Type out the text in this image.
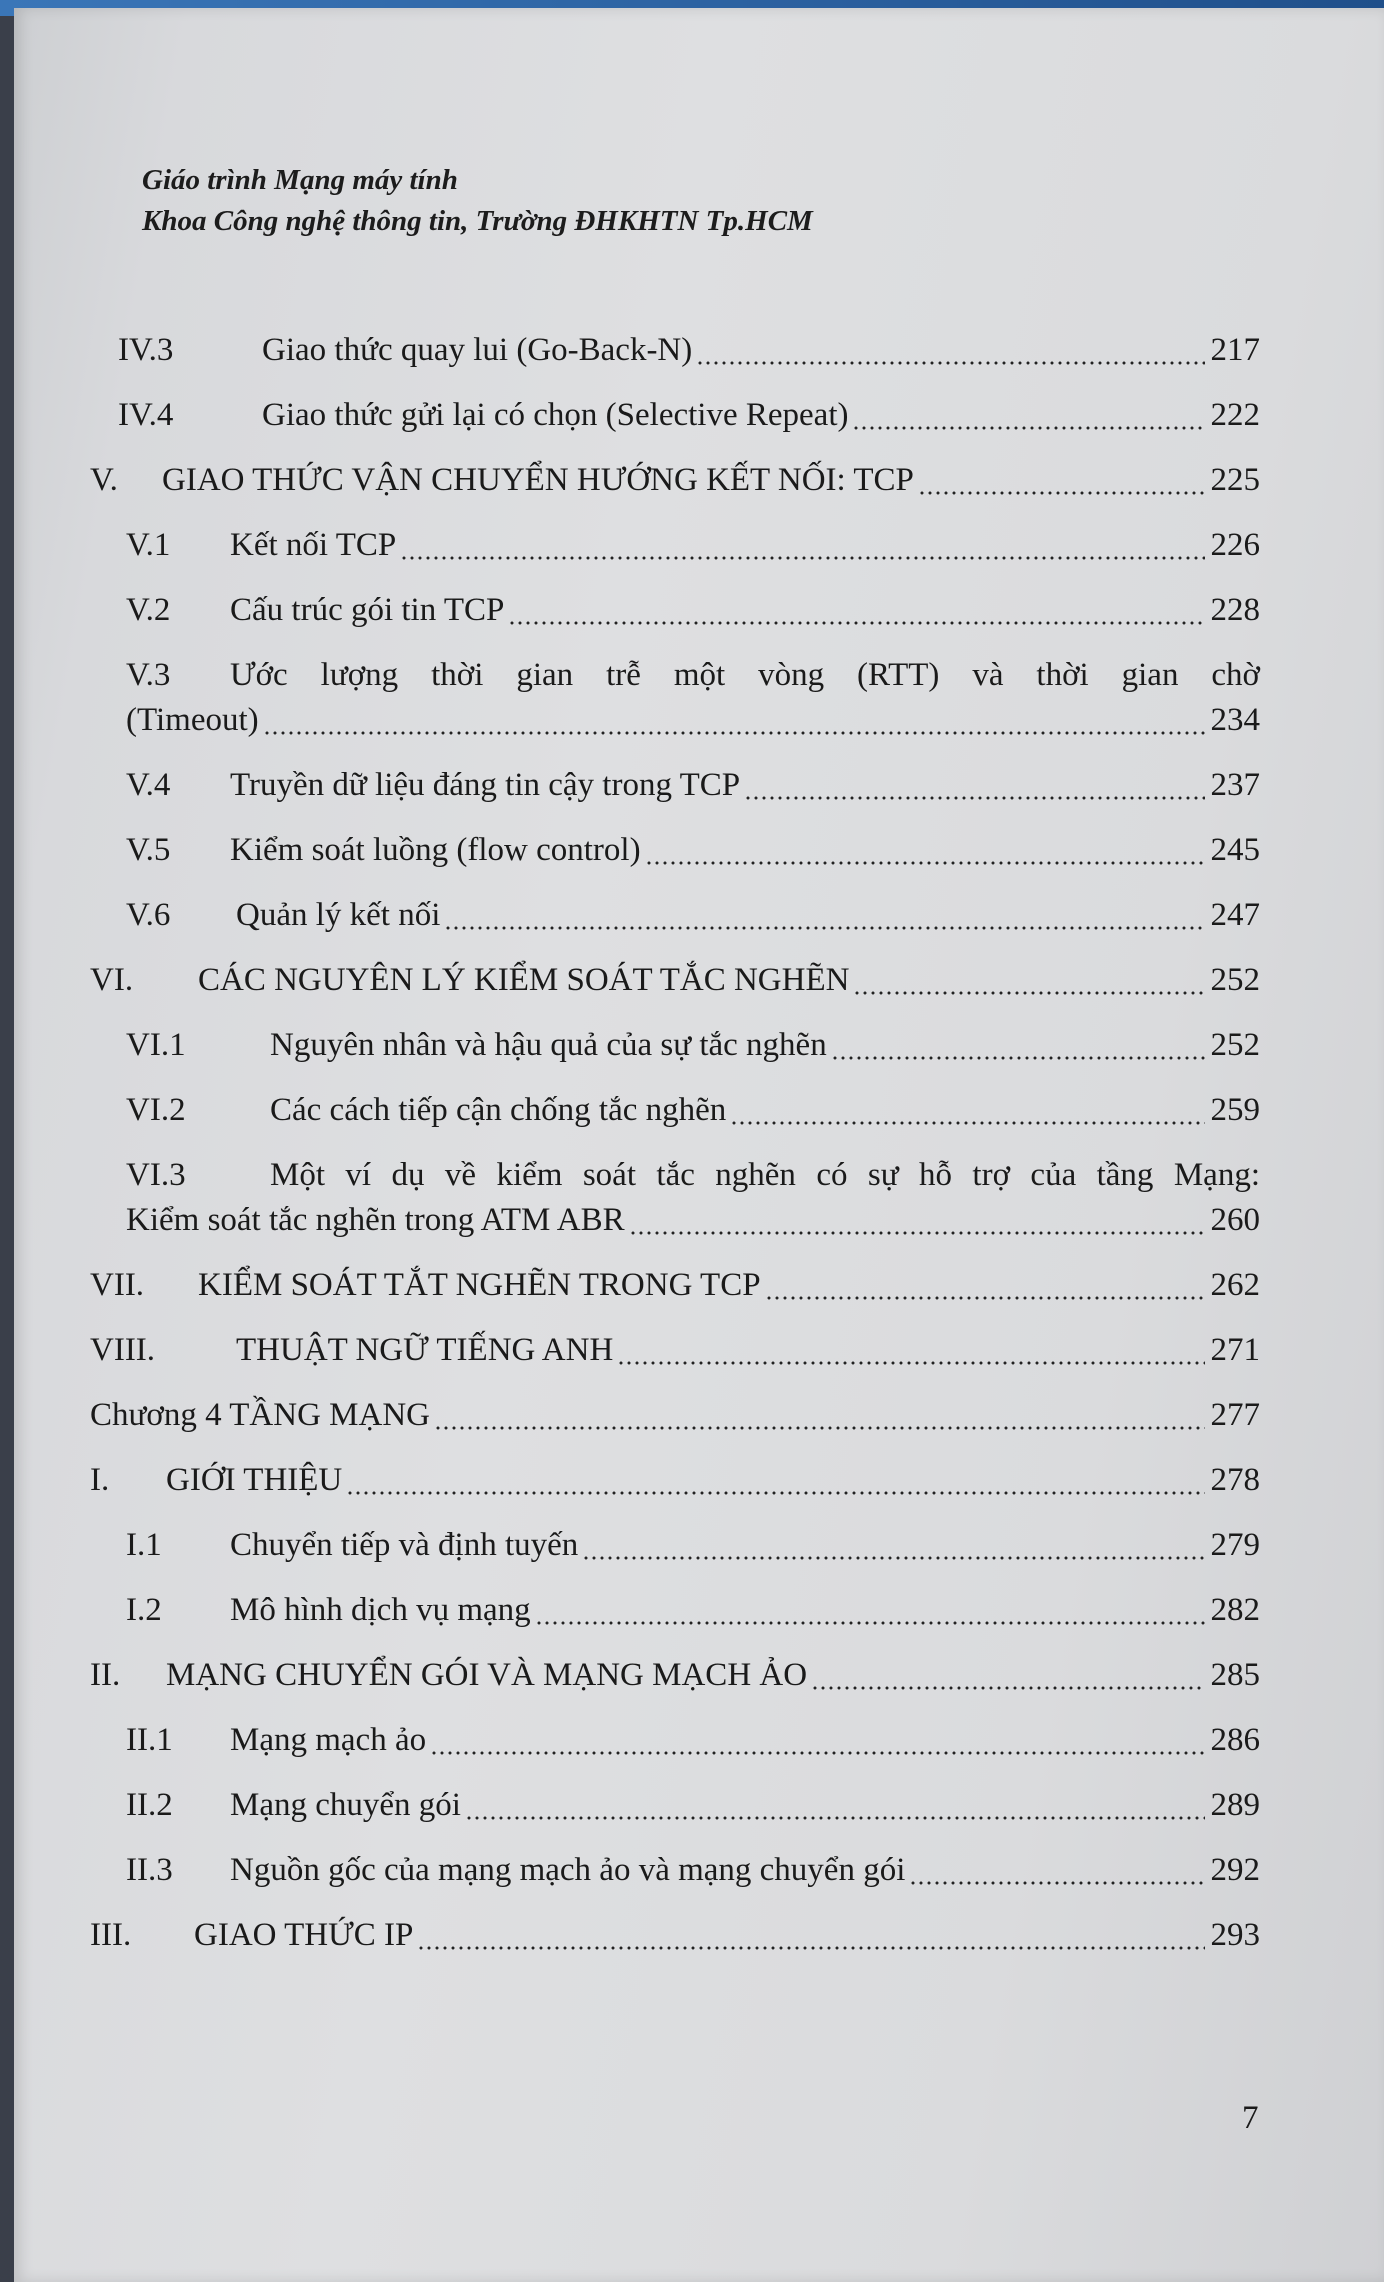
Giáo trình Mạng máy tính
Khoa Công nghệ thông tin, Trường ĐHKHTN Tp.HCM
IV.3	Giao thức quay lui (Go-Back-N)	217
IV.4	Giao thức gửi lại có chọn (Selective Repeat)	222
V. GIAO THỨC VẬN CHUYỂN HƯỚNG KẾT NỐI: TCP	225
V.1 Kết nối TCP	226
V.2 Cấu trúc gói tin TCP	228
V.3 Ước lượng thời gian trễ một vòng (RTT) và thời gian chờ
(Timeout)	234
V.4 Truyền dữ liệu đáng tin cậy trong TCP	237
V.5 Kiểm soát luồng (flow control)	245
V.6 Quản lý kết nối	247
VI. CÁC NGUYÊN LÝ KIỂM SOÁT TẮC NGHẼN	252
VI.1	Nguyên nhân và hậu quả của sự tắc nghẽn	252
VI.2	Các cách tiếp cận chống tắc nghẽn	259
VI.3	Một ví dụ về kiểm soát tắc nghẽn có sự hỗ trợ của tầng Mạng:
Kiểm soát tắc nghẽn trong ATM ABR	260
VII. KIỂM SOÁT TẮT NGHẼN TRONG TCP	262
VIII. THUẬT NGỮ TIẾNG ANH	271
Chương 4 TẦNG MẠNG	277
I. GIỚI THIỆU	278
I.1 Chuyển tiếp và định tuyến	279
I.2 Mô hình dịch vụ mạng	282
II. MẠNG CHUYỂN GÓI VÀ MẠNG MẠCH ẢO	285
II.1 Mạng mạch ảo	286
II.2 Mạng chuyển gói	289
II.3 Nguồn gốc của mạng mạch ảo và mạng chuyển gói	292
III. GIAO THỨC IP	293
7
